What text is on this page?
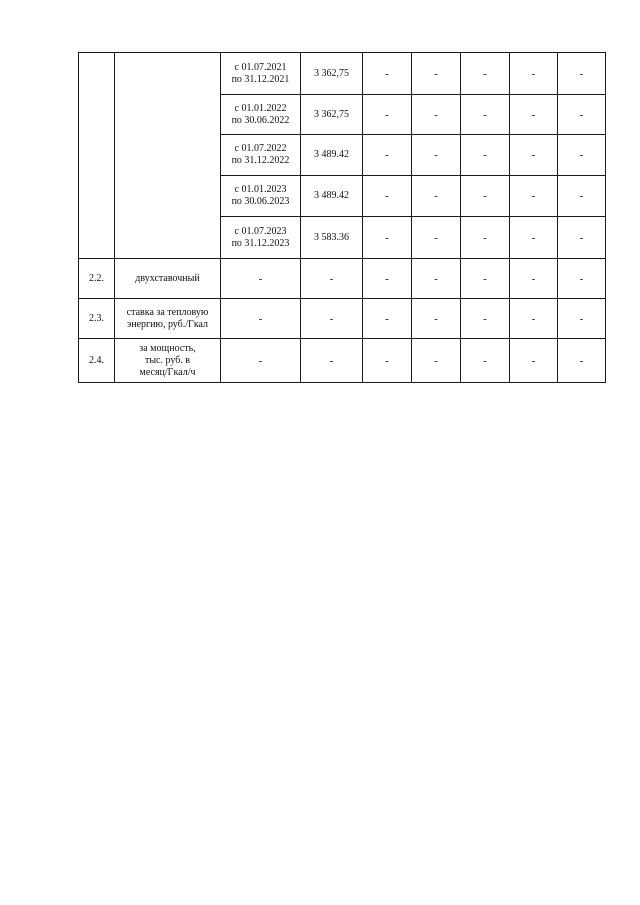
		с 01.07.2021
по 31.12.2021	3 362,75	-	-	-	-	-

		с 01.01.2022
по 30.06.2022	3 362,75	-	-	-	-	-

		с 01.07.2022
по 31.12.2022	3 489.42	-	-	-	-	-

		с 01.01.2023
по 30.06.2023	3 489.42	-	-	-	-	-

		с 01.07.2023
по 31.12.2023	3 583.36	-	-	-	-	-
2.2.	двухставочный	-	-	-	-	-	-	-
2.3.	ставка за тепловую
энергию, руб./Гкал	-	-	-	-	-	-	-
2.4.	за мощность,
тыс. руб. в
месяц/Гкал/ч	-	-	-	-	-	-	-
